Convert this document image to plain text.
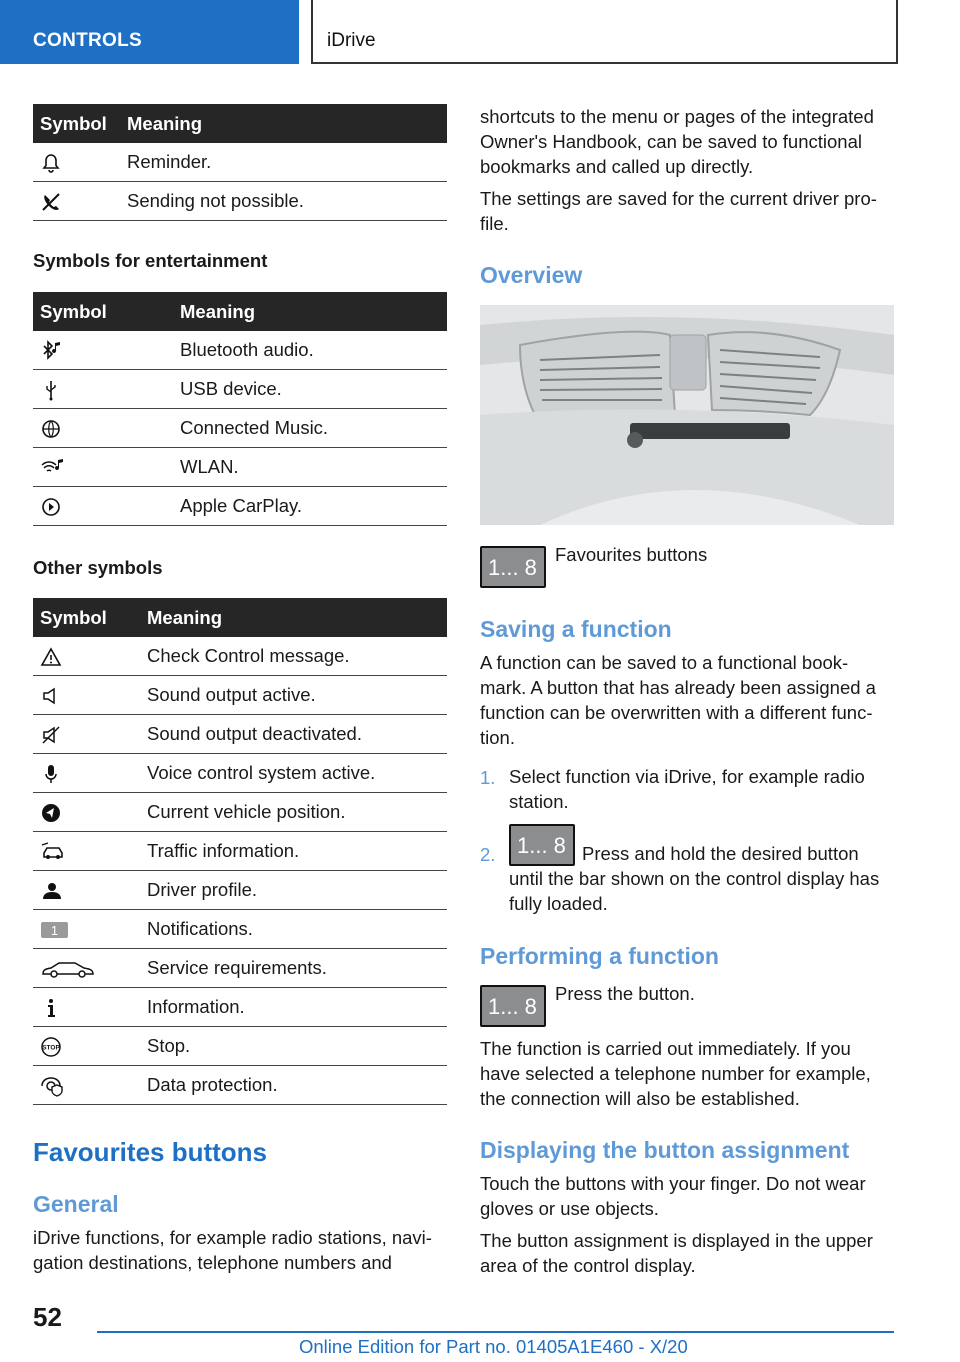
CONTROLS	iDrive
Symbol	Meaning
	Reminder.
	Sending not possible.
Symbols for entertainment
Symbol	Meaning
	Bluetooth audio.
	USB device.
	Connected Music.
	WLAN.
	Apple CarPlay.
Other symbols
Symbol	Meaning
	Check Control message.
	Sound output active.
	Sound output deactivated.
	Voice control system active.
	Current vehicle position.
	Traffic information.
	Driver profile.

1	Notifications.
	Service requirements.
	Information.

STOP	Stop.
	Data protection.
Favourites buttons
General
iDrive functions, for example radio stations, navi-
gation destinations, telephone numbers and
shortcuts to the menu or pages of the integrated
Owner's Handbook, can be saved to functional
bookmarks and called up directly.
The settings are saved for the current driver pro-
file.
Overview
1... 8
Favourites buttons
Saving a function
A function can be saved to a functional book-
mark. A button that has already been assigned a
function can be overwritten with a different func-
tion.
1. Select function via iDrive, for example radio
station.
2. 1... 8 Press and hold the desired button
until the bar shown on the control display has
fully loaded.
Performing a function
1... 8
Press the button.
The function is carried out immediately. If you
have selected a telephone number for example,
the connection will also be established.
Displaying the button assignment
Touch the buttons with your finger. Do not wear
gloves or use objects.
The button assignment is displayed in the upper
area of the control display.
52
Online Edition for Part no. 01405A1E460 - X/20
